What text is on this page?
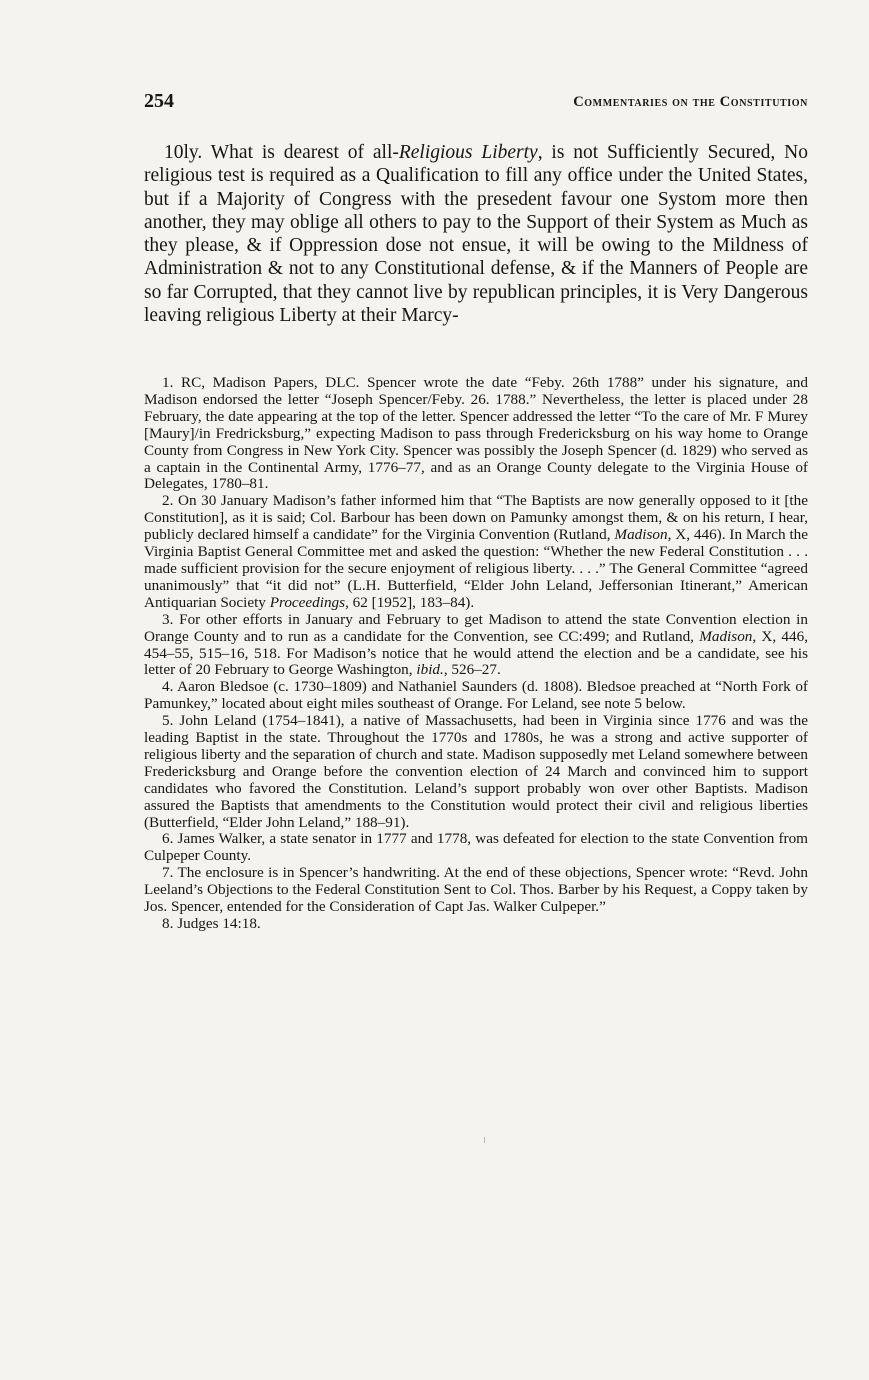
254	Commentaries on the Constitution

10ly. What is dearest of all-Religious Liberty, is not Sufficiently Secured, No religious test is required as a Qualification to fill any office under the United States, but if a Majority of Congress with the presedent favour one Systom more then another, they may oblige all others to pay to the Support of their System as Much as they please, & if Oppression dose not ensue, it will be owing to the Mildness of Administration & not to any Constitutional defense, & if the Manners of People are so far Corrupted, that they cannot live by republican principles, it is Very Dangerous leaving religious Liberty at their Marcy-

1. RC, Madison Papers, DLC. Spencer wrote the date “Feby. 26th 1788” under his signature, and Madison endorsed the letter “Joseph Spencer/Feby. 26. 1788.” Nevertheless, the letter is placed under 28 February, the date appearing at the top of the letter. Spencer addressed the letter “To the care of Mr. F Murey [Maury]/in Fredricksburg,” expecting Madison to pass through Fredericksburg on his way home to Orange County from Congress in New York City. Spencer was possibly the Joseph Spencer (d. 1829) who served as a captain in the Continental Army, 1776–77, and as an Orange County delegate to the Virginia House of Delegates, 1780–81.

2. On 30 January Madison’s father informed him that “The Baptists are now generally opposed to it [the Constitution], as it is said; Col. Barbour has been down on Pamunky amongst them, & on his return, I hear, publicly declared himself a candidate” for the Virginia Convention (Rutland, Madison, X, 446). In March the Virginia Baptist General Committee met and asked the question: “Whether the new Federal Constitution . . . made sufficient provision for the secure enjoyment of religious liberty. . . .” The General Committee “agreed unanimously” that “it did not” (L.H. Butterfield, “Elder John Leland, Jeffersonian Itinerant,” American Antiquarian Society Proceedings, 62 [1952], 183–84).

3. For other efforts in January and February to get Madison to attend the state Convention election in Orange County and to run as a candidate for the Convention, see CC:499; and Rutland, Madison, X, 446, 454–55, 515–16, 518. For Madison’s notice that he would attend the election and be a candidate, see his letter of 20 February to George Washington, ibid., 526–27.

4. Aaron Bledsoe (c. 1730–1809) and Nathaniel Saunders (d. 1808). Bledsoe preached at “North Fork of Pamunkey,” located about eight miles southeast of Orange. For Leland, see note 5 below.

5. John Leland (1754–1841), a native of Massachusetts, had been in Virginia since 1776 and was the leading Baptist in the state. Throughout the 1770s and 1780s, he was a strong and active supporter of religious liberty and the separation of church and state. Madison supposedly met Leland somewhere between Fredericksburg and Orange before the convention election of 24 March and convinced him to support candidates who favored the Constitution. Leland’s support probably won over other Baptists. Madison assured the Baptists that amendments to the Constitution would protect their civil and religious liberties (Butterfield, “Elder John Leland,” 188–91).

6. James Walker, a state senator in 1777 and 1778, was defeated for election to the state Convention from Culpeper County.

7. The enclosure is in Spencer’s handwriting. At the end of these objections, Spencer wrote: “Revd. John Leeland’s Objections to the Federal Constitution Sent to Col. Thos. Barber by his Request, a Coppy taken by Jos. Spencer, entended for the Consideration of Capt Jas. Walker Culpeper.”

8. Judges 14:18.
